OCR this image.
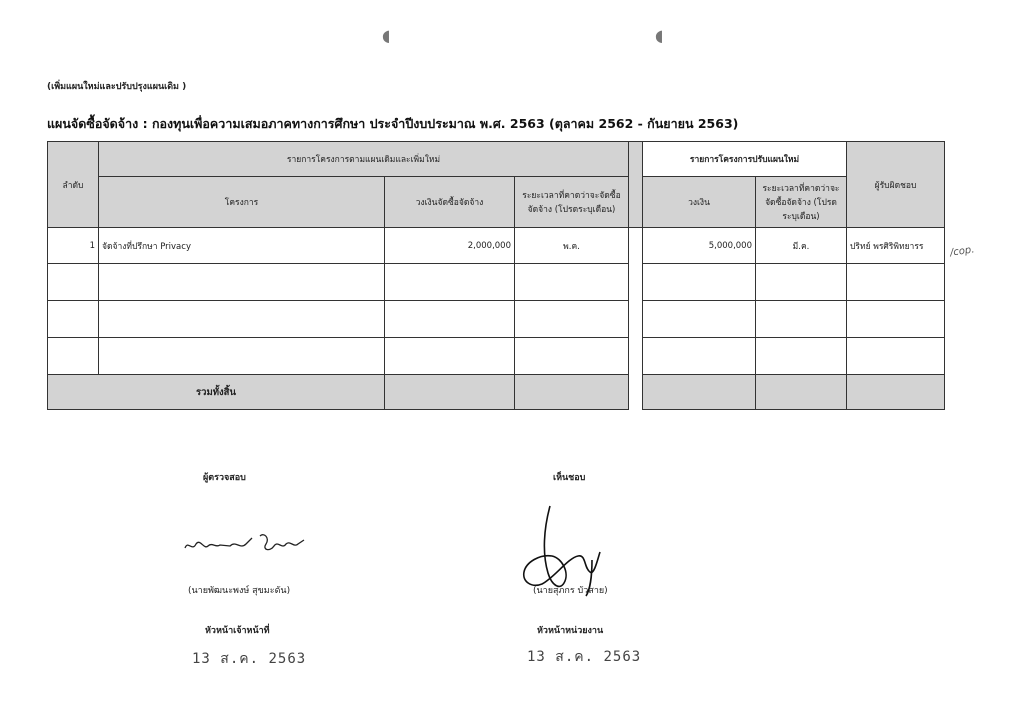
(เพิ่มแผนใหม่และปรับปรุงแผนเดิม )
แผนจัดซื้อจัดจ้าง : กองทุนเพื่อความเสมอภาคทางการศึกษา ประจำปีงบประมาณ พ.ศ. 2563 (ตุลาคม 2562 - กันยายน 2563)
◖	◖
ลำดับ	รายการโครงการตามแผนเดิมและเพิ่มใหม่				รายการโครงการปรับแผนใหม่		ผู้รับผิดชอบ
	โครงการ	วงเงินจัดซื้อจัดจ้าง	ระยะเวลาที่คาดว่าจะจัดซื้อจัดจ้าง (โปรดระบุเดือน)		วงเงิน	ระยะเวลาที่คาดว่าจะจัดซื้อจัดจ้าง (โปรดระบุเดือน)	
1	จัดจ้างที่ปรึกษา Privacy	2,000,000	พ.ค.		5,000,000	มี.ค.	ปริทย์ พรศิริพิทยารร

รวมทั้งสิ้น							
/cop.
ผู้ตรวจสอบ
(นายพัฒนะพงษ์ สุขมะดัน)
หัวหน้าเจ้าหน้าที่
13 ส.ค. 2563
เห็นชอบ
(นายสุภกร บัวสาย)
หัวหน้าหน่วยงาน
13 ส.ค. 2563
